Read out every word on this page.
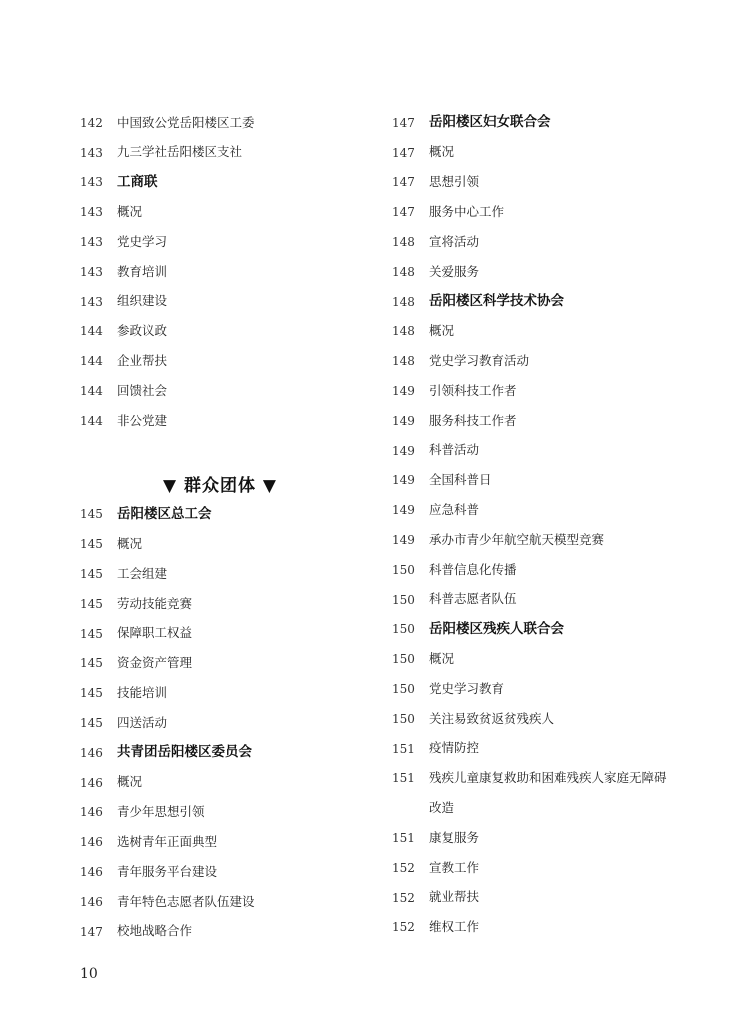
142	中国致公党岳阳楼区工委
143	九三学社岳阳楼区支社
143	工商联
143	概况
143	党史学习
143	教育培训
143	组织建设
144	参政议政
144	企业帮扶
144	回馈社会
144	非公党建
▼ 群众团体 ▼
145	岳阳楼区总工会
145	概况
145	工会组建
145	劳动技能竞赛
145	保障职工权益
145	资金资产管理
145	技能培训
145	四送活动
146	共青团岳阳楼区委员会
146	概况
146	青少年思想引领
146	选树青年正面典型
146	青年服务平台建设
146	青年特色志愿者队伍建设
147	校地战略合作
147	岳阳楼区妇女联合会
147	概况
147	思想引领
147	服务中心工作
148	宣将活动
148	关爱服务
148	岳阳楼区科学技术协会
148	概况
148	党史学习教育活动
149	引领科技工作者
149	服务科技工作者
149	科普活动
149	全国科普日
149	应急科普
149	承办市青少年航空航天模型竞赛
150	科普信息化传播
150	科普志愿者队伍
150	岳阳楼区残疾人联合会
150	概况
150	党史学习教育
150	关注易致贫返贫残疾人
151	疫情防控
151	残疾儿童康复救助和困难残疾人家庭无障碍
改造
151	康复服务
152	宣教工作
152	就业帮扶
152	维权工作
10
